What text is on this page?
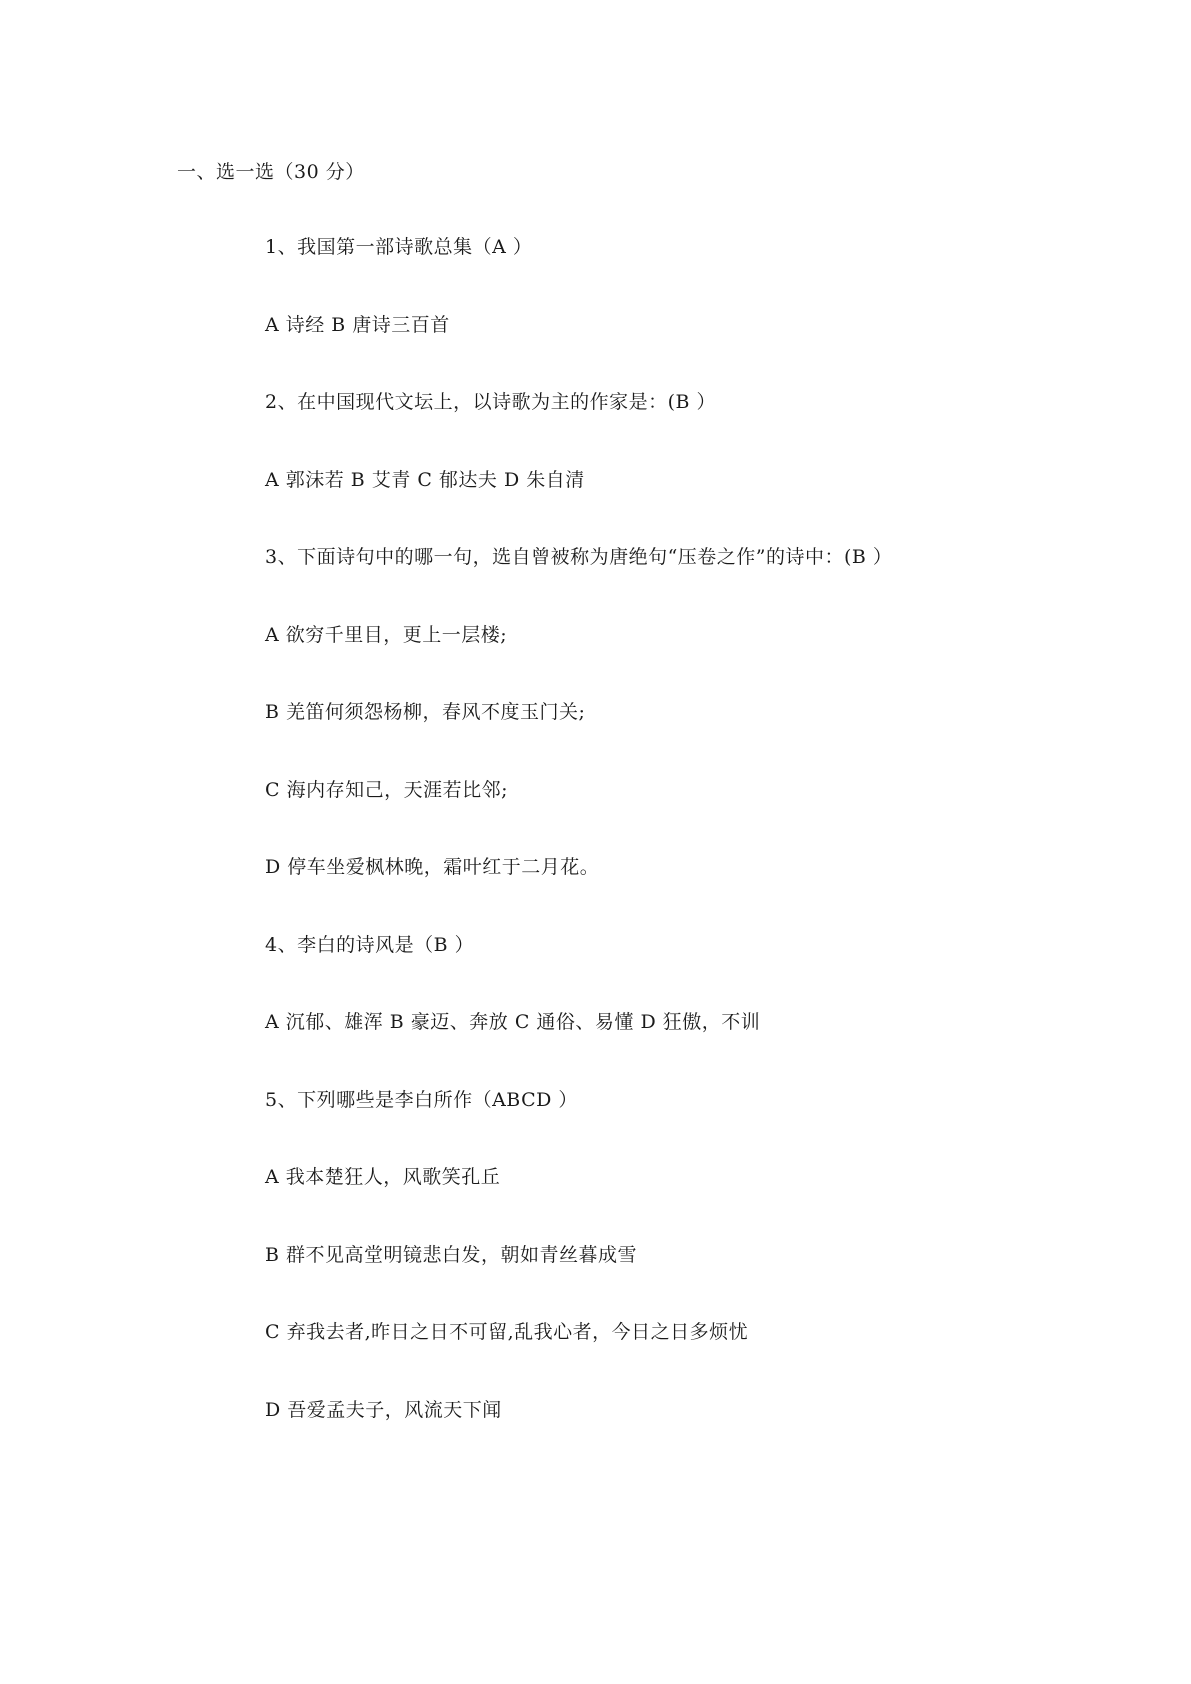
一、选一选（30 分）
1、我国第一部诗歌总集（A ）
A 诗经 B 唐诗三百首
2、在中国现代文坛上，以诗歌为主的作家是：(B ）
A 郭沫若 B 艾青 C 郁达夫 D 朱自清
3、下面诗句中的哪一句，选自曾被称为唐绝句“压卷之作”的诗中：(B ）
A 欲穷千里目，更上一层楼;
B 羌笛何须怨杨柳，春风不度玉门关;
C 海内存知己，天涯若比邻;
D 停车坐爱枫林晚，霜叶红于二月花。
4、李白的诗风是（B ）
A 沉郁、雄浑 B 豪迈、奔放 C 通俗、易懂 D 狂傲，不训
5、下列哪些是李白所作（ABCD ）
A 我本楚狂人，风歌笑孔丘
B 群不见高堂明镜悲白发，朝如青丝暮成雪
C 弃我去者,昨日之日不可留,乱我心者，今日之日多烦忧
D 吾爱孟夫子，风流天下闻
